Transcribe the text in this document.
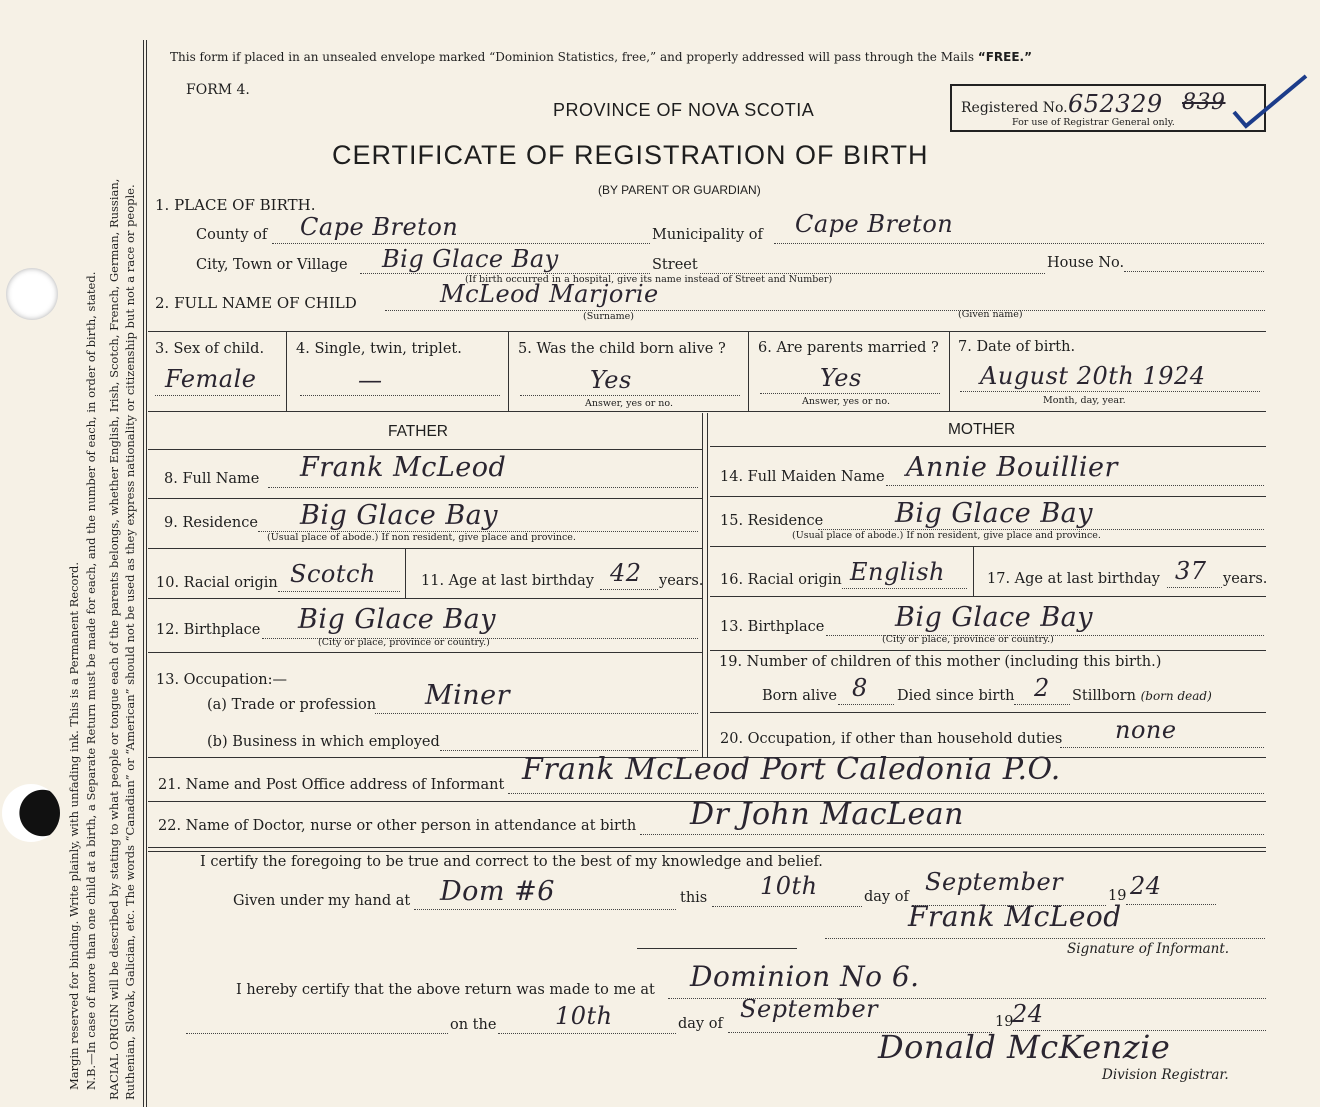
Margin reserved for binding. Write plainly, with unfading ink. This is a Permanent Record. N.B.—In case of more than one child at a birth, a Separate Return must be made for each, and the number of each, in order of birth, stated. RACIAL ORIGIN will be described by stating to what people or tongue each of the parents belongs, whether English, Irish, Scotch, French, German, Russian, Ruthenian, Slovak, Galician, etc. The words “Canadian” or “American” should not be used as they express nationality or citizenship but not a race or people.
This form if placed in an unsealed envelope marked “Dominion Statistics, free,” and properly addressed will pass through the Mails “FREE.”
FORM 4.
PROVINCE OF NOVA SCOTIA
CERTIFICATE OF REGISTRATION OF BIRTH
(BY PARENT OR GUARDIAN)
Registered No. 652329 839
For use of Registrar General only.
1. PLACE OF BIRTH.
County of Cape Breton	Municipality of Cape Breton
City, Town or Village Big Glace Bay	Street	House No.
(If birth occurred in a hospital, give its name instead of Street and Number)
2. FULL NAME OF CHILD	McLeod Marjorie
(Surname)	(Given name)
3. Sex of child.
Female
4. Single, twin, triplet.
—
5. Was the child born alive ?
Yes
Answer, yes or no.
6. Are parents married ?
Yes
Answer, yes or no.
7. Date of birth.
August 20th 1924
Month, day, year.
FATHER	MOTHER
8. Full Name Frank McLeod
9. Residence Big Glace Bay
(Usual place of abode.) If non resident, give place and province.
10. Racial origin Scotch	11. Age at last birthday 42 years.
12. Birthplace Big Glace Bay
(City or place, province or country.)
13. Occupation:—
(a) Trade or profession Miner
(b) Business in which employed
14. Full Maiden Name Annie Bouillier
15. Residence	Big Glace Bay
(Usual place of abode.) If non resident, give place and province.
16. Racial origin English	17. Age at last birthday 37 years.
13. Birthplace	Big Glace Bay
(City or place, province or country.)
19. Number of children of this mother (including this birth.)
Born alive 8 Died since birth 2 Stillborn (born dead)
20. Occupation, if other than household duties none
21. Name and Post Office address of Informant Frank McLeod Port Caledonia P.O.
22. Name of Doctor, nurse or other person in attendance at birth Dr John MacLean
I certify the foregoing to be true and correct to the best of my knowledge and belief.
Given under my hand at Dom #6	this 10th	day of
September	19 24
Frank McLeod
Signature of Informant.
I hereby certify that the above return was made to me at Dominion No 6.
on the 10th	day of
September	19
24
Donald McKenzie
Division Registrar.
